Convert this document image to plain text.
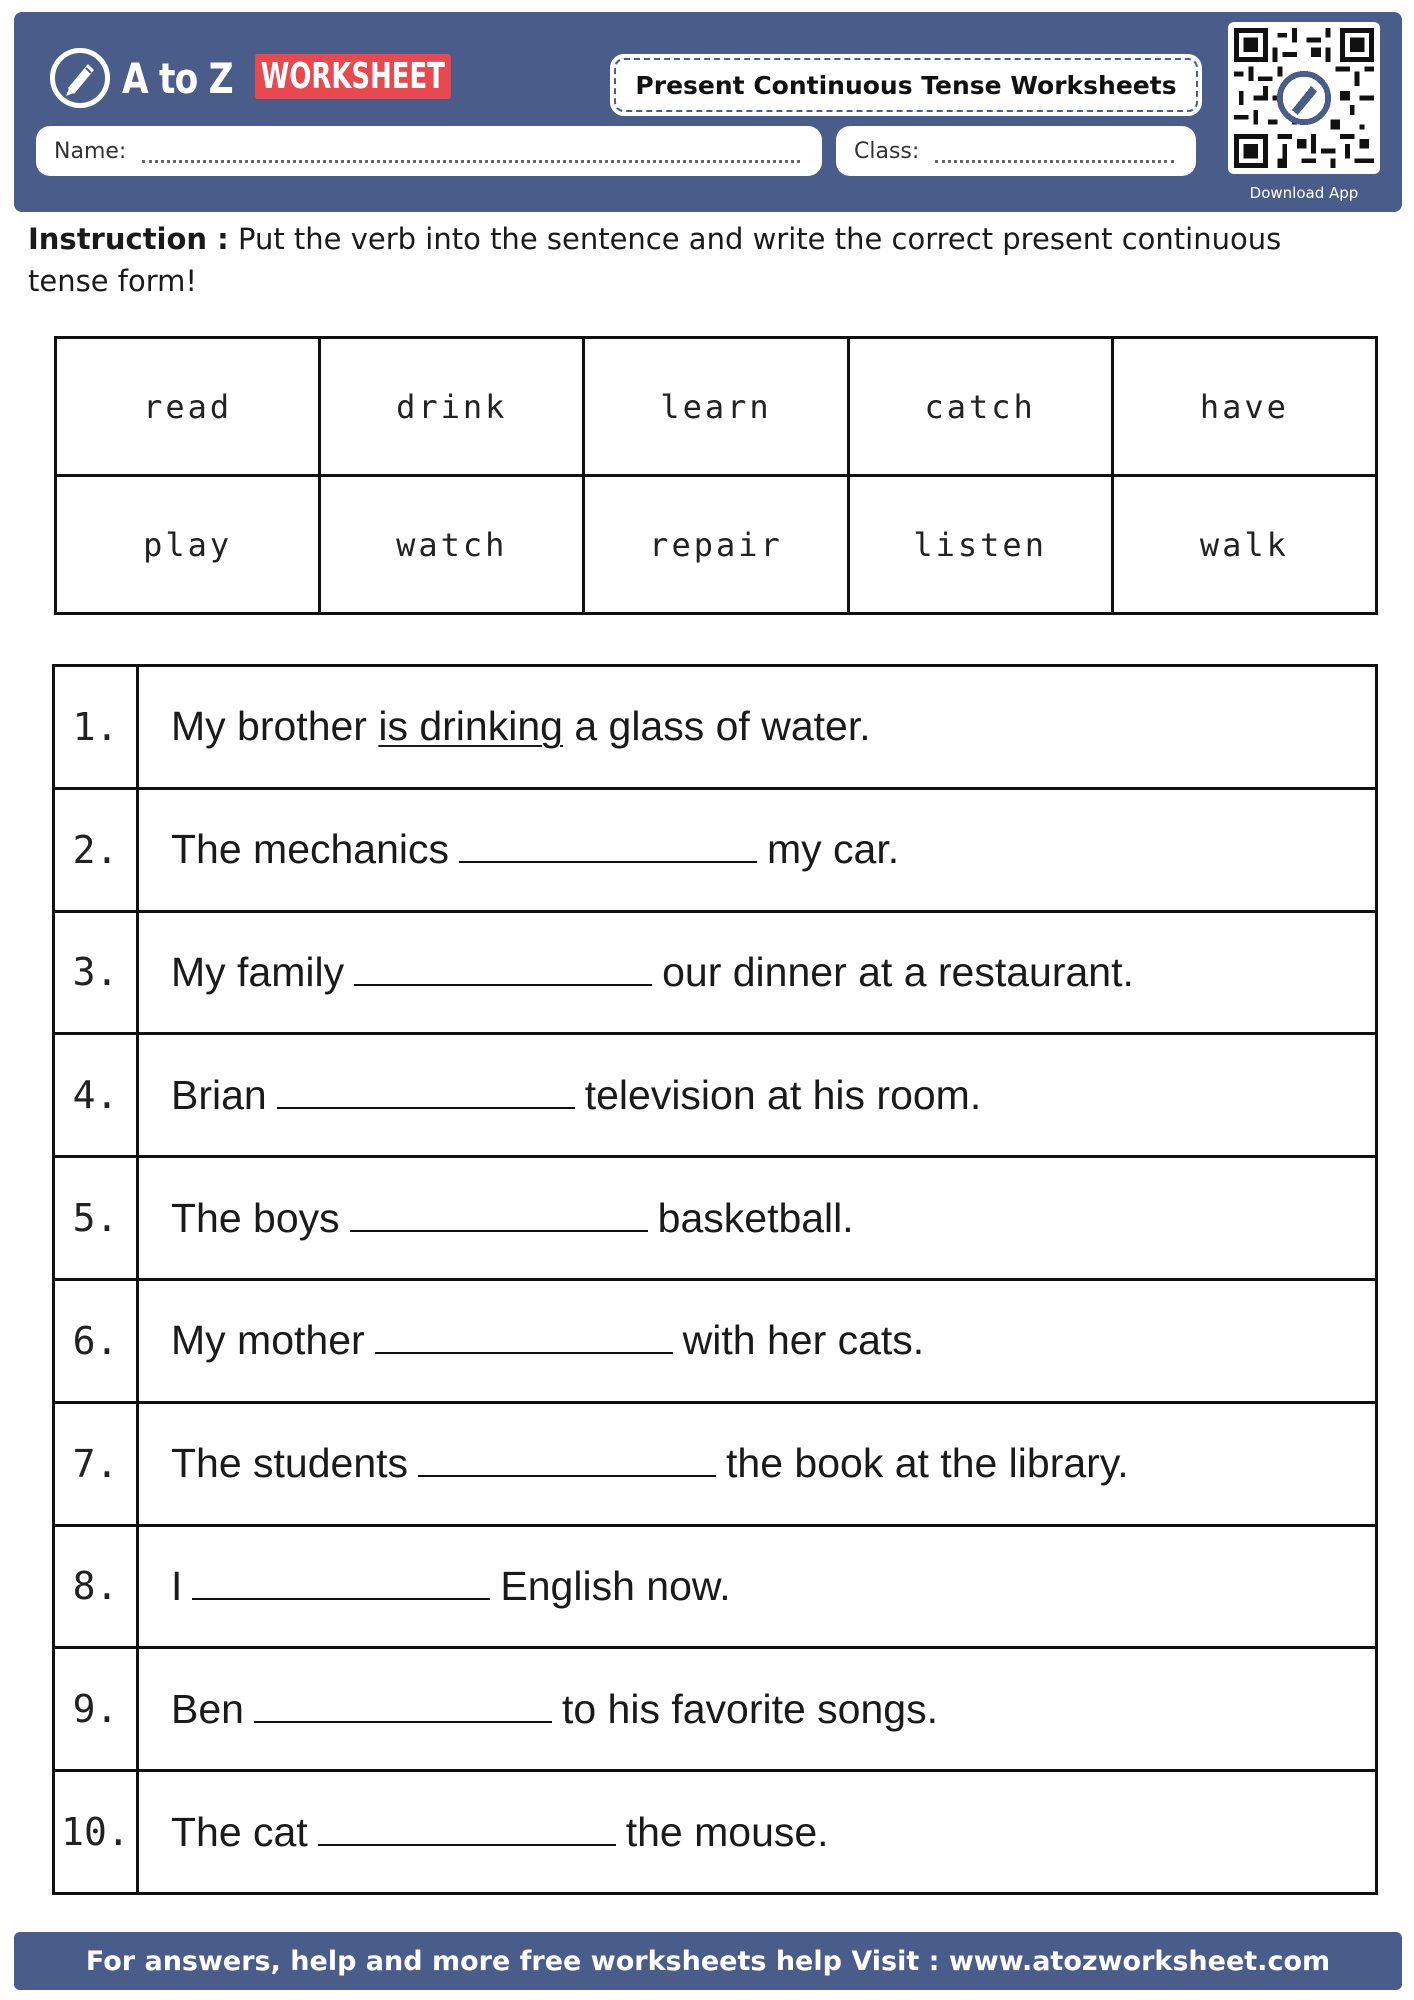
A to Z WORKSHEET	Present Continuous Tense Worksheets
Name:	Class:
Download App
Instruction : Put the verb into the sentence and write the correct present continuous tense form!
read	drink	learn	catch	have
play	watch	repair	listen	walk
1.	My brother is drinking a glass of water.
2.	The mechanics my car.
3.	My family our dinner at a restaurant.
4.	Brian television at his room.
5.	The boys basketball.
6.	My mother with her cats.
7.	The students the book at the library.
8.	I English now.
9.	Ben to his favorite songs.
10.	The cat the mouse.
For answers, help and more free worksheets help Visit : www.atozworksheet.com
